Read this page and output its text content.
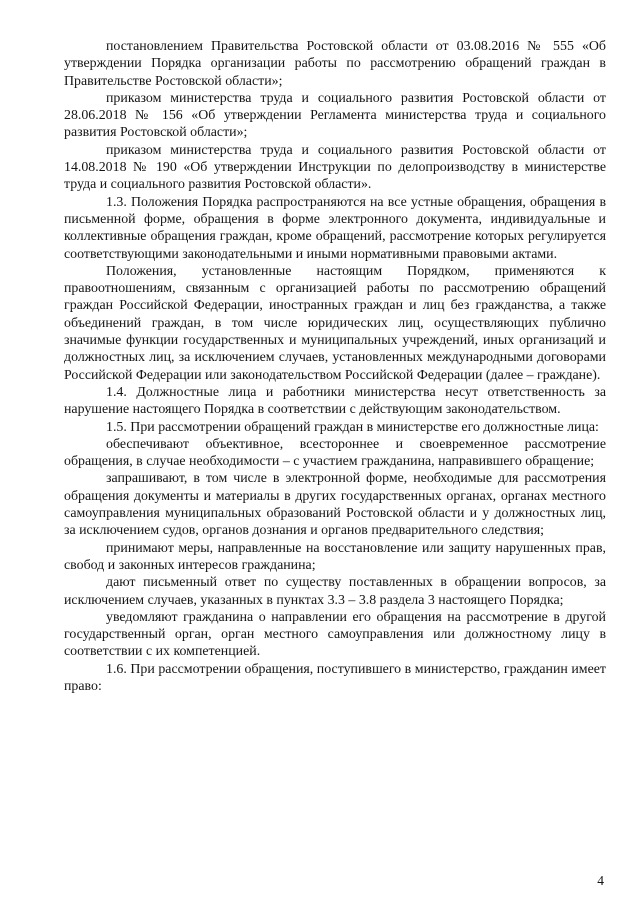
постановлением Правительства Ростовской области от 03.08.2016 № 555 «Об утверждении Порядка организации работы по рассмотрению обращений граждан в Правительстве Ростовской области»;

приказом министерства труда и социального развития Ростовской области от 28.06.2018 № 156 «Об утверждении Регламента министерства труда и социального развития Ростовской области»;

приказом министерства труда и социального развития Ростовской области от 14.08.2018 № 190 «Об утверждении Инструкции по делопроизводству в министерстве труда и социального развития Ростовской области».

1.3. Положения Порядка распространяются на все устные обращения, обращения в письменной форме, обращения в форме электронного документа, индивидуальные и коллективные обращения граждан, кроме обращений, рассмотрение которых регулируется соответствующими законодательными и иными нормативными правовыми актами.

Положения, установленные настоящим Порядком, применяются к правоотношениям, связанным с организацией работы по рассмотрению обращений граждан Российской Федерации, иностранных граждан и лиц без гражданства, а также объединений граждан, в том числе юридических лиц, осуществляющих публично значимые функции государственных и муниципальных учреждений, иных организаций и должностных лиц, за исключением случаев, установленных международными договорами Российской Федерации или законодательством Российской Федерации (далее – граждане).

1.4. Должностные лица и работники министерства несут ответственность за нарушение настоящего Порядка в соответствии с действующим законодательством.

1.5. При рассмотрении обращений граждан в министерстве его должностные лица:

обеспечивают объективное, всестороннее и своевременное рассмотрение обращения, в случае необходимости – с участием гражданина, направившего обращение;

запрашивают, в том числе в электронной форме, необходимые для рассмотрения обращения документы и материалы в других государственных органах, органах местного самоуправления муниципальных образований Ростовской области и у должностных лиц, за исключением судов, органов дознания и органов предварительного следствия;

принимают меры, направленные на восстановление или защиту нарушенных прав, свобод и законных интересов гражданина;

дают письменный ответ по существу поставленных в обращении вопросов, за исключением случаев, указанных в пунктах 3.3 – 3.8 раздела 3 настоящего Порядка;

уведомляют гражданина о направлении его обращения на рассмотрение в другой государственный орган, орган местного самоуправления или должностному лицу в соответствии с их компетенцией.

1.6. При рассмотрении обращения, поступившего в министерство, гражданин имеет право:

4
